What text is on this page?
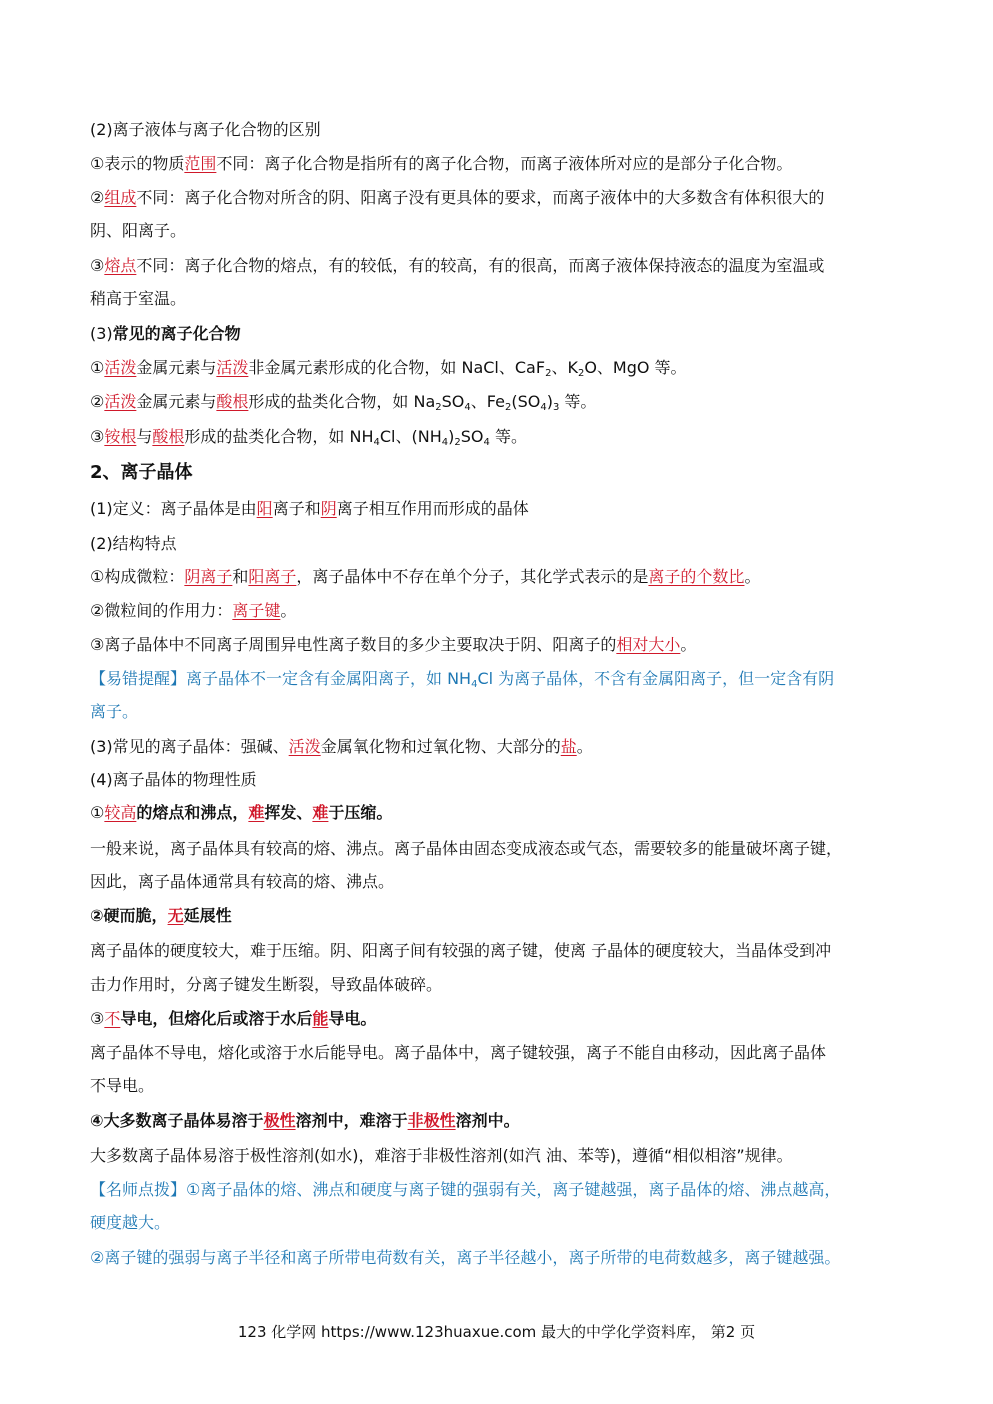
123 化学网 https://www.123huaxue.com 最大的中学化学资料库， 第2 页
(2)离子液体与离子化合物的区别
①表示的物质范围不同：离子化合物是指所有的离子化合物，而离子液体所对应的是部分子化合物。
②组成不同：离子化合物对所含的阴、阳离子没有更具体的要求，而离子液体中的大多数含有体积很大的
阴、阳离子。
③熔点不同：离子化合物的熔点，有的较低，有的较高，有的很高，而离子液体保持液态的温度为室温或
稍高于室温。
(3)常见的离子化合物
①活泼金属元素与活泼非金属元素形成的化合物，如 NaCl、CaF$_2$、$K_2O$、MgO 等。
②活泼金属元素与酸根形成的盐类化合物，如 $Na_2SO_4$、$Fe_2(SO_4)_3$ 等。
③铵根与酸根形成的盐类化合物，如 $NH_4Cl$、$(NH_4)_2SO_4$ 等。
2、离子晶体
(1)定义：离子晶体是由阳离子和阴离子相互作用而形成的晶体
(2)结构特点
①构成微粒：阴离子和阳离子，离子晶体中不存在单个分子，其化学式表示的是离子的个数比。
②微粒间的作用力：离子键。
③离子晶体中不同离子周围异电性离子数目的多少主要取决于阴、阳离子的相对大小。
【易错提醒】离子晶体不一定含有金属阳离子，如 $NH_4Cl$ 为离子晶体，不含有金属阳离子，但一定含有阴
离子。
(3)常见的离子晶体：强碱、活泼金属氧化物和过氧化物、大部分的盐。
(4)离子晶体的物理性质
①较高的熔点和沸点，难挥发、难于压缩。
一般来说，离子晶体具有较高的熔、沸点。离子晶体由固态变成液态或气态，需要较多的能量破坏离子键，
因此，离子晶体通常具有较高的熔、沸点。
②硬而脆，无延展性
离子晶体的硬度较大，难于压缩。阴、阳离子间有较强的离子键，使离 子晶体的硬度较大，当晶体受到冲
击力作用时，分离子键发生断裂，导致晶体破碎。
③不导电，但熔化后或溶于水后能导电。
离子晶体不导电，熔化或溶于水后能导电。离子晶体中，离子键较强，离子不能自由移动，因此离子晶体
不导电。
④大多数离子晶体易溶于极性溶剂中，难溶于非极性溶剂中。
大多数离子晶体易溶于极性溶剂(如水)，难溶于非极性溶剂(如汽 油、苯等)，遵循“相似相溶”规律。
【名师点拨】①离子晶体的熔、沸点和硬度与离子键的强弱有关，离子键越强，离子晶体的熔、沸点越高，
硬度越大。
②离子键的强弱与离子半径和离子所带电荷数有关，离子半径越小，离子所带的电荷数越多，离子键越强。
